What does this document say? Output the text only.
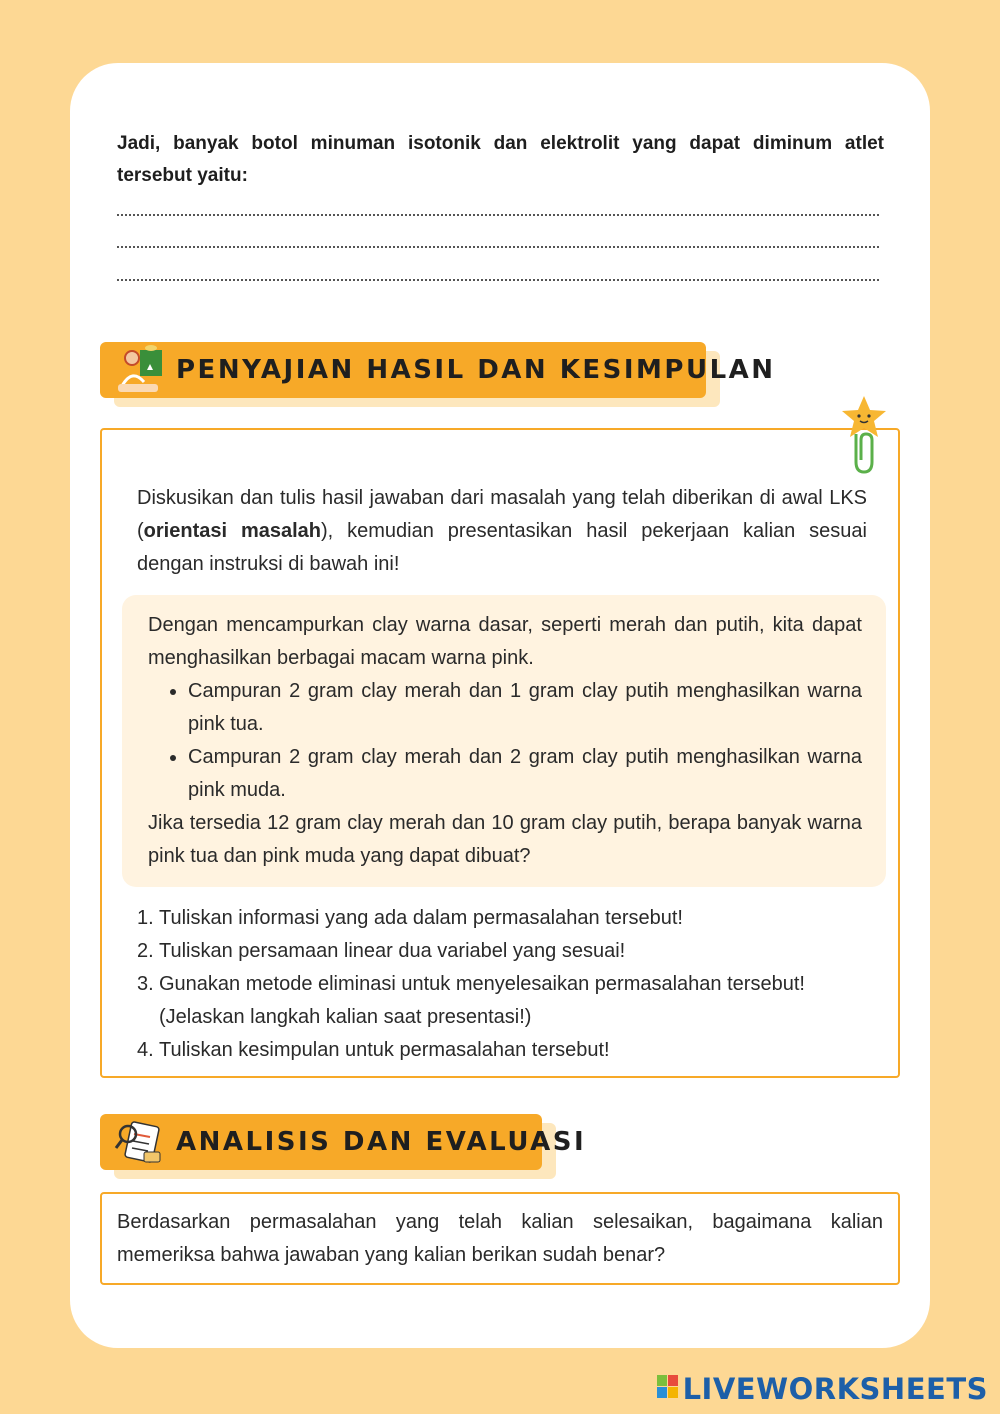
Jadi, banyak botol minuman isotonik dan elektrolit yang dapat diminum atlet tersebut yaitu:
PENYAJIAN HASIL DAN KESIMPULAN
Diskusikan dan tulis hasil jawaban dari masalah yang telah diberikan di awal LKS (orientasi masalah), kemudian presentasikan hasil pekerjaan kalian sesuai dengan instruksi di bawah ini!

Dengan mencampurkan clay warna dasar, seperti merah dan putih, kita dapat menghasilkan berbagai macam warna pink.

• Campuran 2 gram clay merah dan 1 gram clay putih menghasilkan warna pink tua.
• Campuran 2 gram clay merah dan 2 gram clay putih menghasilkan warna pink muda.

Jika tersedia 12 gram clay merah dan 10 gram clay putih, berapa banyak warna pink tua dan pink muda yang dapat dibuat?

1. Tuliskan informasi yang ada dalam permasalahan tersebut!
2. Tuliskan persamaan linear dua variabel yang sesuai!
3. Gunakan metode eliminasi untuk menyelesaikan permasalahan tersebut! (Jelaskan langkah kalian saat presentasi!)
4. Tuliskan kesimpulan untuk permasalahan tersebut!
ANALISIS DAN EVALUASI
Berdasarkan permasalahan yang telah kalian selesaikan, bagaimana kalian memeriksa bahwa jawaban yang kalian berikan sudah benar?
LIVEWORKSHEETS
